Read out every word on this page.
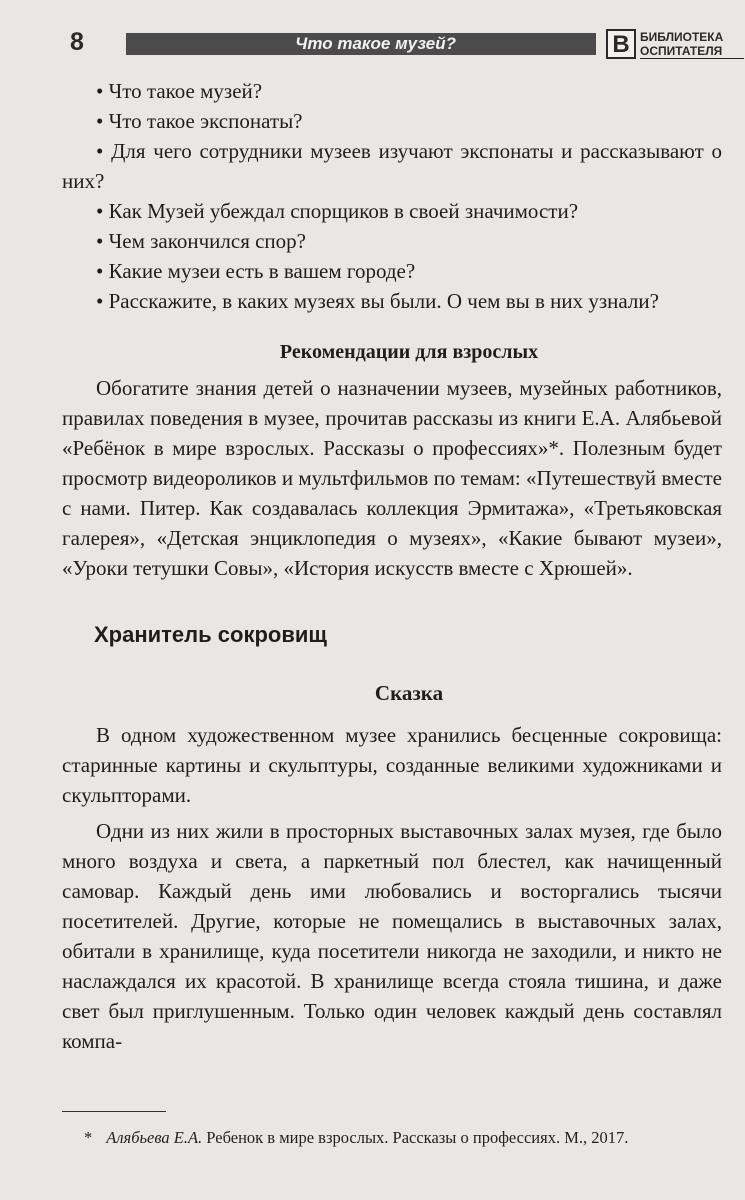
8	Что такое музей?	В БИБЛИОТЕКА
ОСПИТАТЕЛЯ

• Что такое музей?

• Что такое экспонаты?

• Для чего сотрудники музеев изучают экспонаты и рассказывают о них?

• Как Музей убеждал спорщиков в своей значимости?

• Чем закончился спор?

• Какие музеи есть в вашем городе?

• Расскажите, в каких музеях вы были. О чем вы в них узнали?

Рекомендации для взрослых

Обогатите знания детей о назначении музеев, музейных работников, правилах поведения в музее, прочитав рассказы из книги Е.А. Алябьевой «Ребёнок в мире взрослых. Рассказы о профессиях»*. Полезным будет просмотр видеороликов и мультфильмов по темам: «Путешествуй вместе с нами. Питер. Как создавалась коллекция Эрмитажа», «Третьяковская галерея», «Детская энциклопедия о музеях», «Какие бывают музеи», «Уроки тетушки Совы», «История искусств вместе с Хрюшей».

Хранитель сокровищ
Сказка

В одном художественном музее хранились бесценные сокровища: старинные картины и скульптуры, созданные великими художниками и скульпторами.

Одни из них жили в просторных выставочных залах музея, где было много воздуха и света, а паркетный пол блестел, как начищенный самовар. Каждый день ими любовались и восторгались тысячи посетителей. Другие, которые не помещались в выставочных залах, обитали в хранилище, куда посетители никогда не заходили, и никто не наслаждался их красотой. В хранилище всегда стояла тишина, и даже свет был приглушенным. Только один человек каждый день составлял компа-

* Алябьева Е.А. Ребенок в мире взрослых. Рассказы о профессиях. М., 2017.
